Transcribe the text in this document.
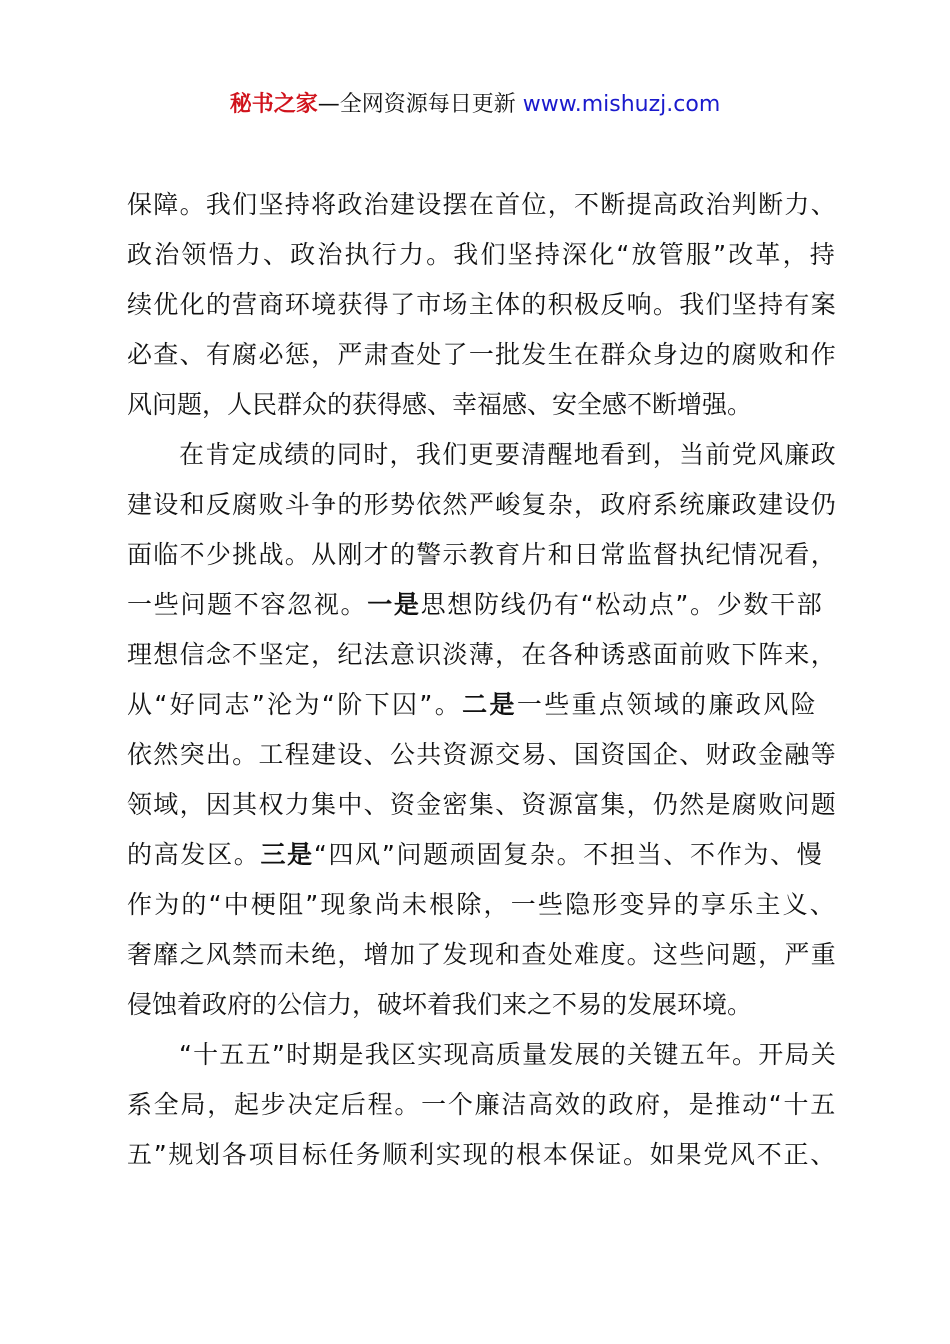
秘书之家—全网资源每日更新 www.mishuzj.com
保障。我们坚持将政治建设摆在首位，不断提高政治判断力、
政治领悟力、政治执行力。我们坚持深化“放管服”改革，持
续优化的营商环境获得了市场主体的积极反响。我们坚持有案
必查、有腐必惩，严肃查处了一批发生在群众身边的腐败和作
风问题，人民群众的获得感、幸福感、安全感不断增强。
在肯定成绩的同时，我们更要清醒地看到，当前党风廉政
建设和反腐败斗争的形势依然严峻复杂，政府系统廉政建设仍
面临不少挑战。从刚才的警示教育片和日常监督执纪情况看，
一些问题不容忽视。一是思想防线仍有“松动点”。少数干部
理想信念不坚定，纪法意识淡薄，在各种诱惑面前败下阵来，
从“好同志”沦为“阶下囚”。二是一些重点领域的廉政风险
依然突出。工程建设、公共资源交易、国资国企、财政金融等
领域，因其权力集中、资金密集、资源富集，仍然是腐败问题
的高发区。三是“四风”问题顽固复杂。不担当、不作为、慢
作为的“中梗阻”现象尚未根除，一些隐形变异的享乐主义、
奢靡之风禁而未绝，增加了发现和查处难度。这些问题，严重
侵蚀着政府的公信力，破坏着我们来之不易的发展环境。
“十五五”时期是我区实现高质量发展的关键五年。开局关
系全局，起步决定后程。一个廉洁高效的政府，是推动“十五
五”规划各项目标任务顺利实现的根本保证。如果党风不正、
